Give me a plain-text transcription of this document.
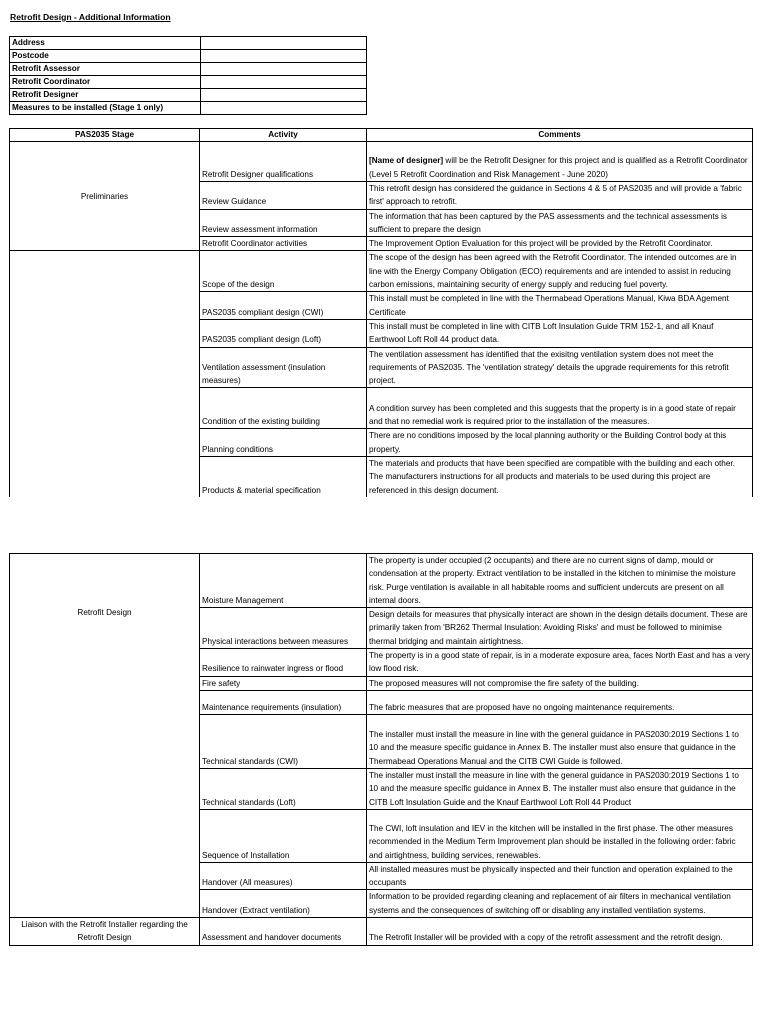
Retrofit Design - Additional Information
Address	
Postcode	
Retrofit Assessor	
Retrofit Coordinator	
Retrofit Designer	
Measures to be installed (Stage 1 only)	
PAS2035 Stage	Activity	Comments
Preliminaries	Retrofit Designer qualifications	[Name of designer] will be the Retrofit Designer for this project and is qualified as a Retrofit Coordinator (Level 5 Retrofit Coordination and Risk Management - June 2020)
	Review Guidance	This retrofit design has considered the guidance in Sections 4 & 5 of PAS2035 and will provide a 'fabric first' approach to retrofit.
	Review assessment information	The information that has been captured by the PAS assessments and the technical assessments is sufficient to prepare the design
	Retrofit Coordinator activities	The Improvement Option Evaluation for this project will be provided by the Retrofit Coordinator.
	Scope of the design	The scope of the design has been agreed with the Retrofit Coordinator. The intended outcomes are in line with the Energy Company Obligation (ECO) requirements and are intended to assist in reducing carbon emissions, maintaining security of energy supply and reducing fuel poverty.
	PAS2035 compliant design (CWI)	This install must be completed in line with the Thermabead Operations Manual, Kiwa BDA Agement Certificate
	PAS2035 compliant design (Loft)	This install must be completed in line with CITB Loft Insulation Guide TRM 152-1, and all Knauf Earthwool Loft Roll 44 product data.
	Ventilation assessment (insulation measures)	The ventilation assessment has identified that the exisitng ventilation system does not meet the requirements of PAS2035. The 'ventilation strategy' details the upgrade requirements for this retrofit project.
	Condition of the existing building	A condition survey has been completed and this suggests that the property is in a good state of repair and that no remedial work is required prior to the installation of the measures.
	Planning conditions	There are no conditions imposed by the local planning authority or the Building Control body at this property.
	Products & material specification	The materials and products that have been specified are compatible with the building and each other. The manufacturers instructions for all products and materials to be used during this project are referenced in this design document.
Retrofit Design	Moisture Management	The property is under occupied (2 occupants) and there are no current signs of damp, mould or condensation at the property. Extract ventilation to be installed in the kitchen to minimise the moisture risk. Purge ventilation is available in all habitable rooms and sufficient undercuts are present on all internal doors.
	Physical interactions between measures	Design details for measures that physically interact are shown in the design details document. These are primarily taken from 'BR262 Thermal Insulation: Avoiding Risks' and must be followed to minimise thermal bridging and maintain airtightness.
	Resilience to rainwater ingress or flood	The property is in a good state of repair, is in a moderate exposure area, faces North East and has a very low flood risk.
	Fire safety	The proposed measures will not compromise the fire safety of the building.
	Maintenance requirements (insulation)	The fabric measures that are proposed have no ongoing maintenance requirements.
	Technical standards (CWI)	The installer must install the measure in line with the general guidance in PAS2030:2019 Sections 1 to 10 and the measure specific guidance in Annex B. The installer must also ensure that guidance in the Thermabead Operations Manual and the CITB CWI Guide is followed.
	Technical standards (Loft)	The installer must install the measure in line with the general guidance in PAS2030:2019 Sections 1 to 10 and the measure specific guidance in Annex B. The installer must also ensure that guidance in the CITB Loft Insulation Guide and the Knauf Earthwool Loft Roll 44 Product
	Sequence of Installation	The CWI, loft insulation and IEV in the kitchen will be installed in the first phase. The other measures recommended in the Medium Term Improvement plan should be installed in the following order: fabric and airtightness, building services, renewables.
	Handover (All measures)	All installed measures must be physically inspected and their function and operation explained to the occupants
	Handover (Extract ventilation)	Information to be provided regarding cleaning and replacement of air filters in mechanical ventilation systems and the consequences of switching off or disabling any installed ventilation systems.
Liaison with the Retrofit Installer regarding the Retrofit Design	Assessment and handover documents	The Retrofit Installer will be provided with a copy of the retrofit assessment and the retrofit design.
